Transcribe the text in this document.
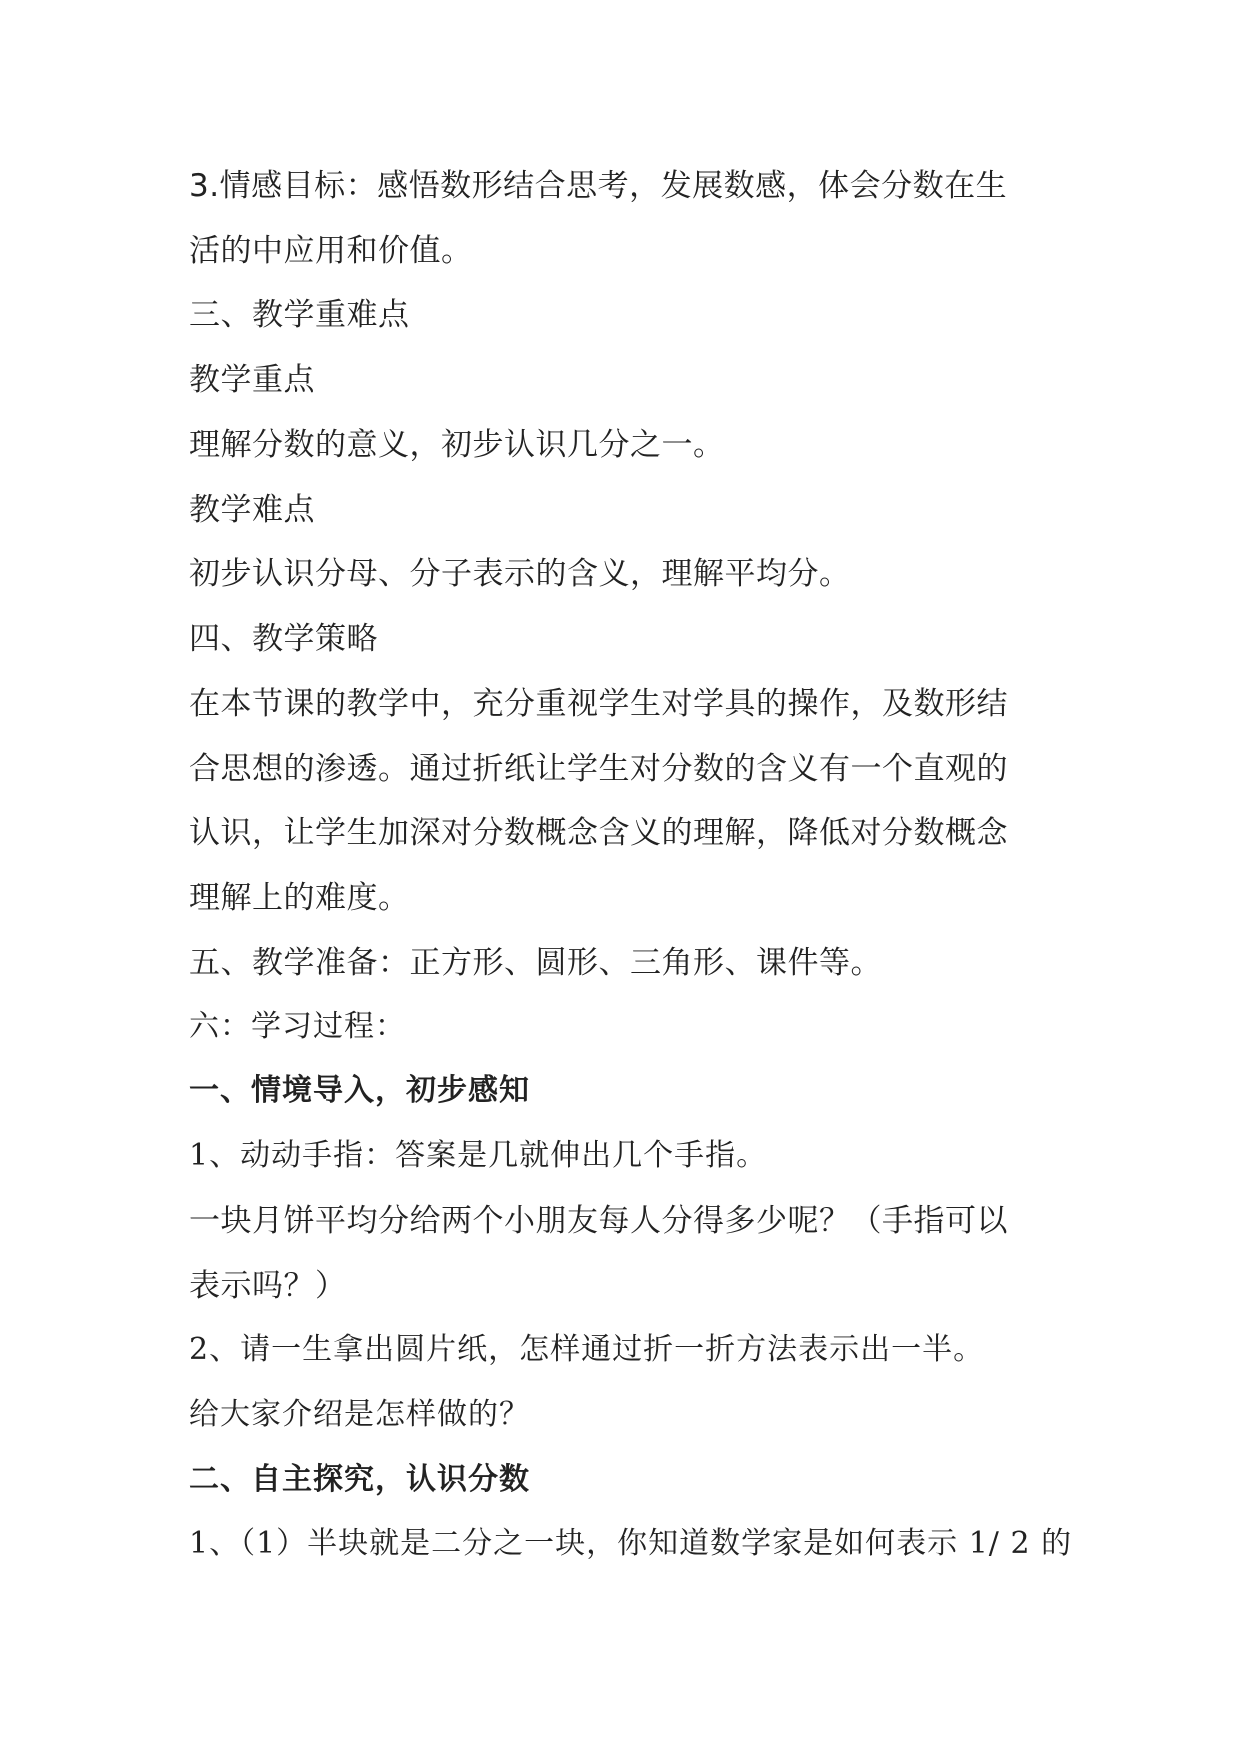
3.情感目标：感悟数形结合思考，发展数感，体会分数在生
活的中应用和价值。
三、教学重难点
教学重点
理解分数的意义，初步认识几分之一。
教学难点
初步认识分母、分子表示的含义，理解平均分。
四、教学策略
在本节课的教学中，充分重视学生对学具的操作，及数形结
合思想的渗透。通过折纸让学生对分数的含义有一个直观的
认识，让学生加深对分数概念含义的理解，降低对分数概念
理解上的难度。
五、教学准备：正方形、圆形、三角形、课件等。
六：学习过程：
一、情境导入，初步感知
1、动动手指：答案是几就伸出几个手指。
一块月饼平均分给两个小朋友每人分得多少呢？（手指可以
表示吗？）
2、请一生拿出圆片纸，怎样通过折一折方法表示出一半。
给大家介绍是怎样做的？
二、自主探究，认识分数
1、（1）半块就是二分之一块，你知道数学家是如何表示 1/ 2 的
